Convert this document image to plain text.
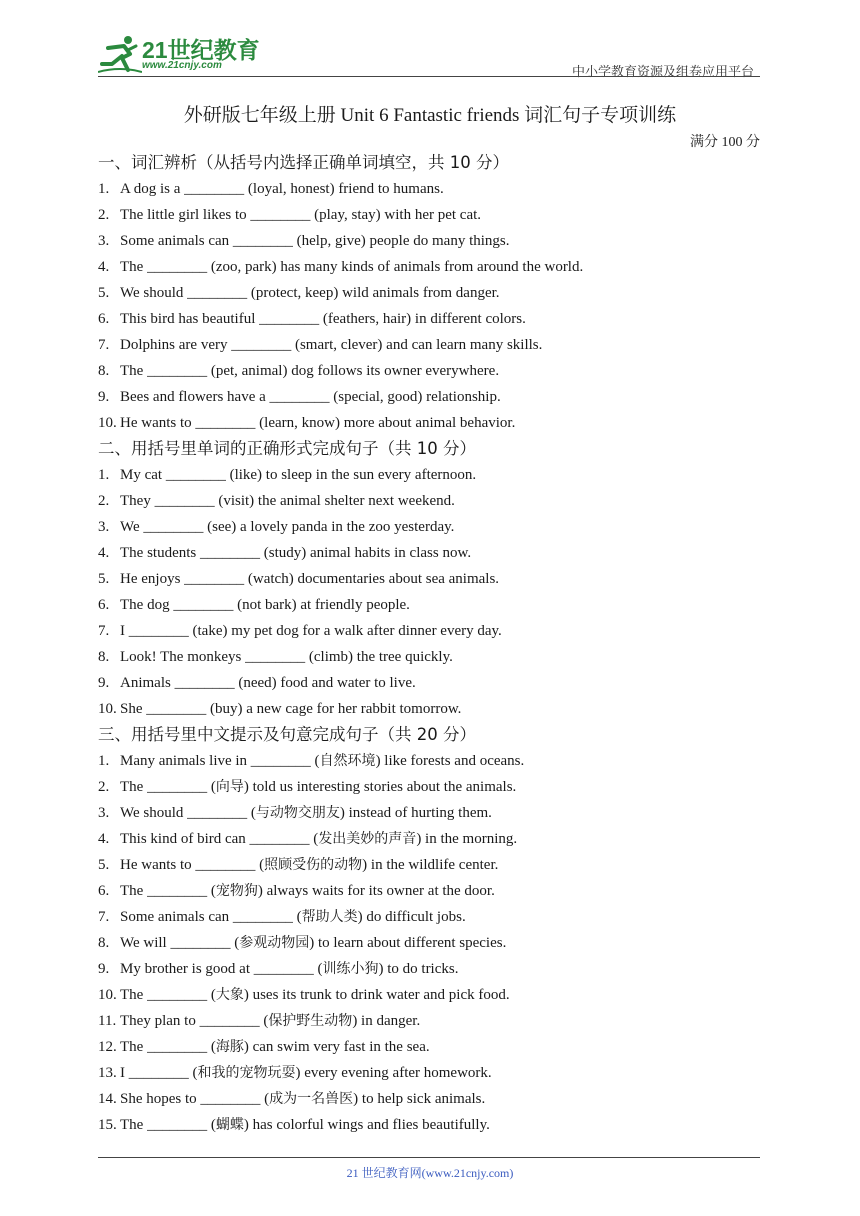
21世纪教育
www.21cnjy.com	中小学教育资源及组卷应用平台
外研版七年级上册 Unit 6 Fantastic friends 词汇句子专项训练
满分 100 分
一、词汇辨析（从括号内选择正确单词填空，共 10 分）
1. A dog is a ________ (loyal, honest) friend to humans.
2. The little girl likes to ________ (play, stay) with her pet cat.
3. Some animals can ________ (help, give) people do many things.
4. The ________ (zoo, park) has many kinds of animals from around the world.
5. We should ________ (protect, keep) wild animals from danger.
6. This bird has beautiful ________ (feathers, hair) in different colors.
7. Dolphins are very ________ (smart, clever) and can learn many skills.
8. The ________ (pet, animal) dog follows its owner everywhere.
9. Bees and flowers have a ________ (special, good) relationship.
10. He wants to ________ (learn, know) more about animal behavior.
二、用括号里单词的正确形式完成句子（共 10 分）
1. My cat ________ (like) to sleep in the sun every afternoon.
2. They ________ (visit) the animal shelter next weekend.
3. We ________ (see) a lovely panda in the zoo yesterday.
4. The students ________ (study) animal habits in class now.
5. He enjoys ________ (watch) documentaries about sea animals.
6. The dog ________ (not bark) at friendly people.
7. I ________ (take) my pet dog for a walk after dinner every day.
8. Look! The monkeys ________ (climb) the tree quickly.
9. Animals ________ (need) food and water to live.
10. She ________ (buy) a new cage for her rabbit tomorrow.
三、用括号里中文提示及句意完成句子（共 20 分）
1. Many animals live in ________ (自然环境) like forests and oceans.
2. The ________ (向导) told us interesting stories about the animals.
3. We should ________ (与动物交朋友) instead of hurting them.
4. This kind of bird can ________ (发出美妙的声音) in the morning.
5. He wants to ________ (照顾受伤的动物) in the wildlife center.
6. The ________ (宠物狗) always waits for its owner at the door.
7. Some animals can ________ (帮助人类) do difficult jobs.
8. We will ________ (参观动物园) to learn about different species.
9. My brother is good at ________ (训练小狗) to do tricks.
10. The ________ (大象) uses its trunk to drink water and pick food.
11. They plan to ________ (保护野生动物) in danger.
12. The ________ (海豚) can swim very fast in the sea.
13. I ________ (和我的宠物玩耍) every evening after homework.
14. She hopes to ________ (成为一名兽医) to help sick animals.
15. The ________ (蝴蝶) has colorful wings and flies beautifully.
21 世纪教育网(www.21cnjy.com)
